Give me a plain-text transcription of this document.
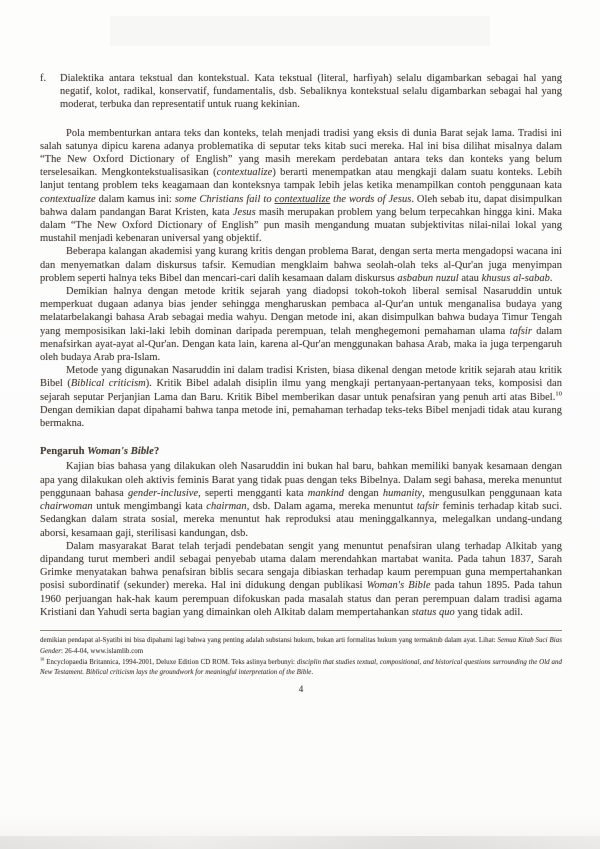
f.	Dialektika antara tekstual dan kontekstual. Kata tekstual (literal, harfiyah) selalu digambarkan sebagai hal yang negatif, kolot, radikal, konservatif, fundamentalis, dsb. Sebaliknya kontekstual selalu digambarkan sebagai hal yang moderat, terbuka dan representatif untuk ruang kekinian.

Pola membenturkan antara teks dan konteks, telah menjadi tradisi yang eksis di dunia Barat sejak lama. Tradisi ini salah satunya dipicu karena adanya problematika di seputar teks kitab suci mereka. Hal ini bisa dilihat misalnya dalam “The New Oxford Dictionary of English” yang masih merekam perdebatan antara teks dan konteks yang belum terselesaikan. Mengkontekstualisasikan (contextualize) berarti menempatkan atau mengkaji dalam suatu konteks. Lebih lanjut tentang problem teks keagamaan dan konteksnya tampak lebih jelas ketika menampilkan contoh penggunaan kata contextualize dalam kamus ini: some Christians fail to contextualize the words of Jesus. Oleh sebab itu, dapat disimpulkan bahwa dalam pandangan Barat Kristen, kata Jesus masih merupakan problem yang belum terpecahkan hingga kini. Maka dalam “The New Oxford Dictionary of English” pun masih mengandung muatan subjektivitas nilai-nilai lokal yang mustahil menjadi kebenaran universal yang objektif.

Beberapa kalangan akademisi yang kurang kritis dengan problema Barat, dengan serta merta mengadopsi wacana ini dan menyematkan dalam diskursus tafsir. Kemudian mengklaim bahwa seolah-olah teks al-Qur'an juga menyimpan problem seperti halnya teks Bibel dan mencari-cari dalih kesamaan dalam diskursus asbabun nuzul atau khusus al-sabab.

Demikian halnya dengan metode kritik sejarah yang diadopsi tokoh-tokoh liberal semisal Nasaruddin untuk memperkuat dugaan adanya bias jender sehingga mengharuskan pembaca al-Qur'an untuk menganalisa budaya yang melatarbelakangi bahasa Arab sebagai media wahyu. Dengan metode ini, akan disimpulkan bahwa budaya Timur Tengah yang memposisikan laki-laki lebih dominan daripada perempuan, telah menghegemoni pemahaman ulama tafsir dalam menafsirkan ayat-ayat al-Qur'an. Dengan kata lain, karena al-Qur'an menggunakan bahasa Arab, maka ia juga terpengaruh oleh budaya Arab pra-Islam.

Metode yang digunakan Nasaruddin ini dalam tradisi Kristen, biasa dikenal dengan metode kritik sejarah atau kritik Bibel (Biblical criticism). Kritik Bibel adalah disiplin ilmu yang mengkaji pertanyaan-pertanyaan teks, komposisi dan sejarah seputar Perjanjian Lama dan Baru. Kritik Bibel memberikan dasar untuk penafsiran yang penuh arti atas Bibel.$^{10}$ Dengan demikian dapat dipahami bahwa tanpa metode ini, pemahaman terhadap teks-teks Bibel menjadi tidak atau kurang bermakna.

Pengaruh Woman's Bible?

Kajian bias bahasa yang dilakukan oleh Nasaruddin ini bukan hal baru, bahkan memiliki banyak kesamaan dengan apa yang dilakukan oleh aktivis feminis Barat yang tidak puas dengan teks Bibelnya. Dalam segi bahasa, mereka menuntut penggunaan bahasa gender-inclusive, seperti mengganti kata mankind dengan humanity, mengusulkan penggunaan kata chairwoman untuk mengimbangi kata chairman, dsb. Dalam agama, mereka menuntut tafsir feminis terhadap kitab suci. Sedangkan dalam strata sosial, mereka menuntut hak reproduksi atau meninggalkannya, melegalkan undang-undang aborsi, kesamaan gaji, sterilisasi kandungan, dsb.

Dalam masyarakat Barat telah terjadi pendebatan sengit yang menuntut penafsiran ulang terhadap Alkitab yang dipandang turut memberi andil sebagai penyebab utama dalam merendahkan martabat wanita. Pada tahun 1837, Sarah Grimke menyatakan bahwa penafsiran biblis secara sengaja dibiaskan terhadap kaum perempuan guna mempertahankan posisi subordinatif (sekunder) mereka. Hal ini didukung dengan publikasi Woman's Bible pada tahun 1895. Pada tahun 1960 perjuangan hak-hak kaum perempuan difokuskan pada masalah status dan peran perempuan dalam tradisi agama Kristiani dan Yahudi serta bagian yang dimainkan oleh Alkitab dalam mempertahankan status quo yang tidak adil.

demikian pendapat al-Syatibi ini bisa dipahami lagi bahwa yang penting adalah substansi hukum, bukan arti formalitas hukum yang termaktub dalam ayat. Lihat: Semua Kitab Suci Bias Gender: 26-4-04, www.islamlib.com

$^{10}$ Encyclopaedia Britannica, 1994-2001, Deluxe Edition CD ROM. Teks aslinya berbunyi: disciplin that studies textual, compositional, and historical questions surrounding the Old and New Testament. Biblical criticism lays the groundwork for meaningful interpretation of the Bible.

4
